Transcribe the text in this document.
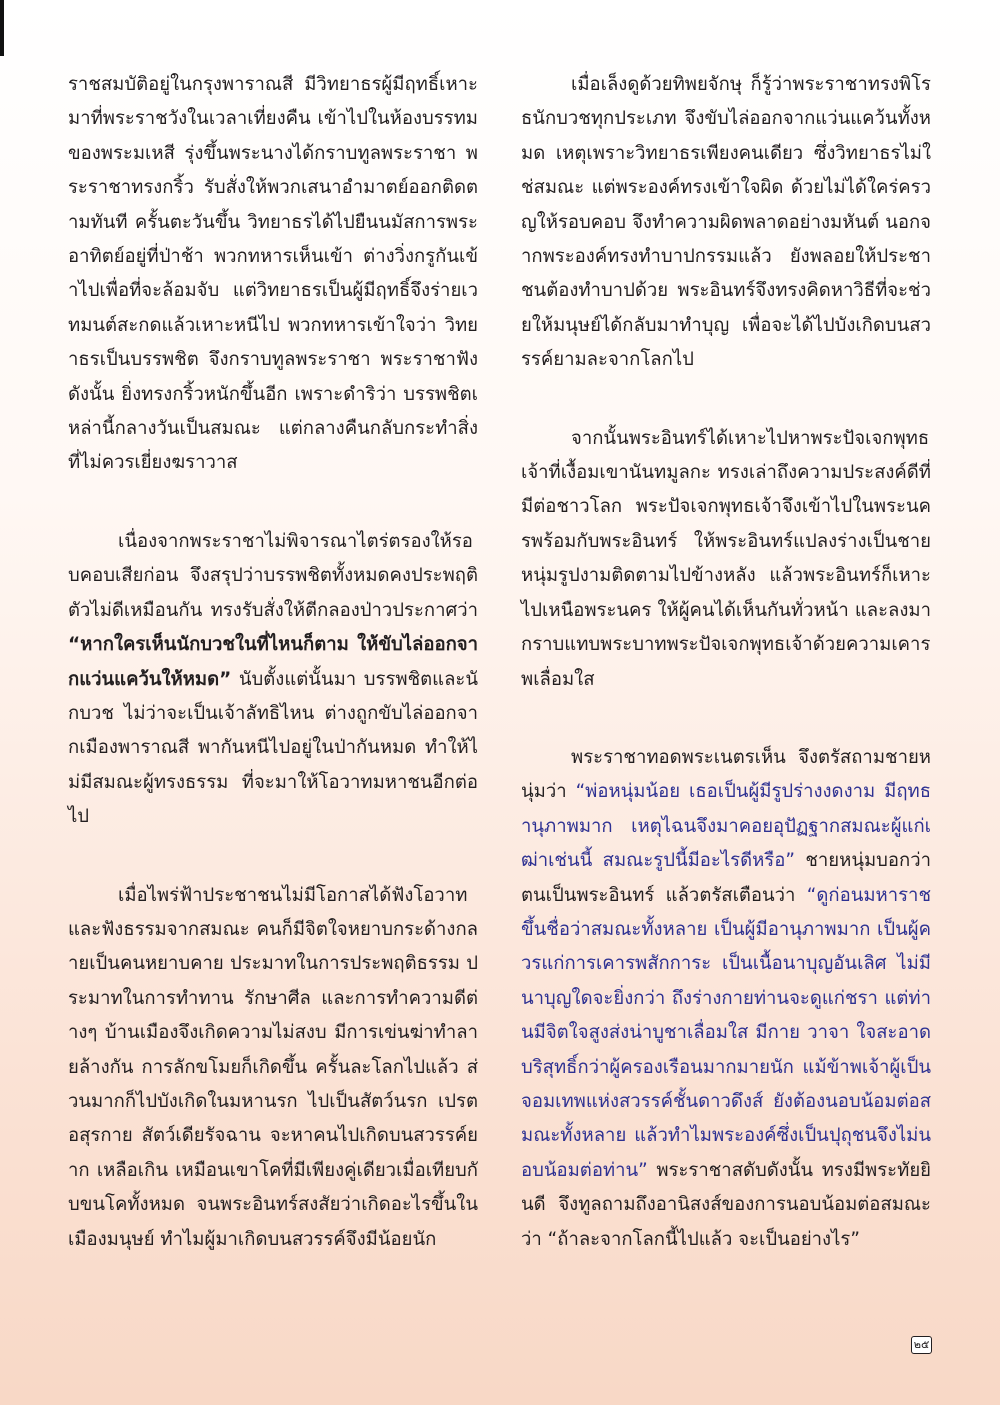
ราชสมบัติอยู่ในกรุงพาราณสี มีวิทยาธรผู้มีฤทธิ์เหาะมาที่พระราชวังในเวลาเที่ยงคืน เข้าไปในห้องบรรทมของพระมเหสี รุ่งขึ้นพระนางได้กราบทูลพระราชา พระราชาทรงกริ้ว รับสั่งให้พวกเสนาอำมาตย์ออกติดตามทันที ครั้นตะวันขึ้น วิทยาธรได้ไปยืนนมัสการพระอาทิตย์อยู่ที่ป่าช้า พวกทหารเห็นเข้า ต่างวิ่งกรูกันเข้าไปเพื่อที่จะล้อมจับ แต่วิทยาธรเป็นผู้มีฤทธิ์จึงร่ายเวทมนต์สะกดแล้วเหาะหนีไป พวกทหารเข้าใจว่า วิทยาธรเป็นบรรพชิต จึงกราบทูลพระราชา พระราชาฟังดังนั้น ยิ่งทรงกริ้วหนักขึ้นอีก เพราะดำริว่า บรรพชิตเหล่านี้กลางวันเป็นสมณะ แต่กลางคืนกลับกระทำสิ่งที่ไม่ควรเยี่ยงฆราวาส

เนื่องจากพระราชาไม่พิจารณาไตร่ตรองให้รอบคอบเสียก่อน จึงสรุปว่าบรรพชิตทั้งหมดคงประพฤติตัวไม่ดีเหมือนกัน ทรงรับสั่งให้ตีกลองป่าวประกาศว่า “หากใครเห็นนักบวชในที่ไหนก็ตาม ให้ขับไล่ออกจากแว่นแคว้นให้หมด” นับตั้งแต่นั้นมา บรรพชิตและนักบวช ไม่ว่าจะเป็นเจ้าลัทธิไหน ต่างถูกขับไล่ออกจากเมืองพาราณสี พากันหนีไปอยู่ในป่ากันหมด ทำให้ไม่มีสมณะผู้ทรงธรรม ที่จะมาให้โอวาทมหาชนอีกต่อไป

เมื่อไพร่ฟ้าประชาชนไม่มีโอกาสได้ฟังโอวาทและฟังธรรมจากสมณะ คนก็มีจิตใจหยาบกระด้างกลายเป็นคนหยาบคาย ประมาทในการประพฤติธรรม ประมาทในการทำทาน รักษาศีล และการทำความดีต่างๆ บ้านเมืองจึงเกิดความไม่สงบ มีการเข่นฆ่าทำลายล้างกัน การลักขโมยก็เกิดขึ้น ครั้นละโลกไปแล้ว ส่วนมากก็ไปบังเกิดในมหานรก ไปเป็นสัตว์นรก เปรต อสุรกาย สัตว์เดียรัจฉาน จะหาคนไปเกิดบนสวรรค์ยาก เหลือเกิน เหมือนเขาโคที่มีเพียงคู่เดียวเมื่อเทียบกับขนโคทั้งหมด จนพระอินทร์สงสัยว่าเกิดอะไรขึ้นในเมืองมนุษย์ ทำไมผู้มาเกิดบนสวรรค์จึงมีน้อยนัก

เมื่อเล็งดูด้วยทิพยจักษุ ก็รู้ว่าพระราชาทรงพิโรธนักบวชทุกประเภท จึงขับไล่ออกจากแว่นแคว้นทั้งหมด เหตุเพราะวิทยาธรเพียงคนเดียว ซึ่งวิทยาธรไม่ใช่สมณะ แต่พระองค์ทรงเข้าใจผิด ด้วยไม่ได้ใคร่ครวญให้รอบคอบ จึงทำความผิดพลาดอย่างมหันต์ นอกจากพระองค์ทรงทำบาปกรรมแล้ว ยังพลอยให้ประชาชนต้องทำบาปด้วย พระอินทร์จึงทรงคิดหาวิธีที่จะช่วยให้มนุษย์ได้กลับมาทำบุญ เพื่อจะได้ไปบังเกิดบนสวรรค์ยามละจากโลกไป

จากนั้นพระอินทร์ได้เหาะไปหาพระปัจเจกพุทธเจ้าที่เงื้อมเขานันทมูลกะ ทรงเล่าถึงความประสงค์ดีที่มีต่อชาวโลก พระปัจเจกพุทธเจ้าจึงเข้าไปในพระนครพร้อมกับพระอินทร์ ให้พระอินทร์แปลงร่างเป็นชายหนุ่มรูปงามติดตามไปข้างหลัง แล้วพระอินทร์ก็เหาะไปเหนือพระนคร ให้ผู้คนได้เห็นกันทั่วหน้า และลงมากราบแทบพระบาทพระปัจเจกพุทธเจ้าด้วยความเคารพเลื่อมใส

พระราชาทอดพระเนตรเห็น จึงตรัสถามชายหนุ่มว่า “พ่อหนุ่มน้อย เธอเป็นผู้มีรูปร่างงดงาม มีฤทธานุภาพมาก เหตุไฉนจึงมาคอยอุปัฏฐากสมณะผู้แก่เฒ่าเช่นนี้ สมณะรูปนี้มีอะไรดีหรือ” ชายหนุ่มบอกว่าตนเป็นพระอินทร์ แล้วตรัสเตือนว่า “ดูก่อนมหาราช ขึ้นชื่อว่าสมณะทั้งหลาย เป็นผู้มีอานุภาพมาก เป็นผู้ควรแก่การเคารพสักการะ เป็นเนื้อนาบุญอันเลิศ ไม่มีนาบุญใดจะยิ่งกว่า ถึงร่างกายท่านจะดูแก่ชรา แต่ท่านมีจิตใจสูงส่งน่าบูชาเลื่อมใส มีกาย วาจา ใจสะอาดบริสุทธิ์กว่าผู้ครองเรือนมากมายนัก แม้ข้าพเจ้าผู้เป็นจอมเทพแห่งสวรรค์ชั้นดาวดึงส์ ยังต้องนอบน้อมต่อสมณะทั้งหลาย แล้วทำไมพระองค์ซึ่งเป็นปุถุชนจึงไม่นอบน้อมต่อท่าน” พระราชาสดับดังนั้น ทรงมีพระทัยยินดี จึงทูลถามถึงอานิสงส์ของการนอบน้อมต่อสมณะว่า “ถ้าละจากโลกนี้ไปแล้ว จะเป็นอย่างไร”

๒๕
